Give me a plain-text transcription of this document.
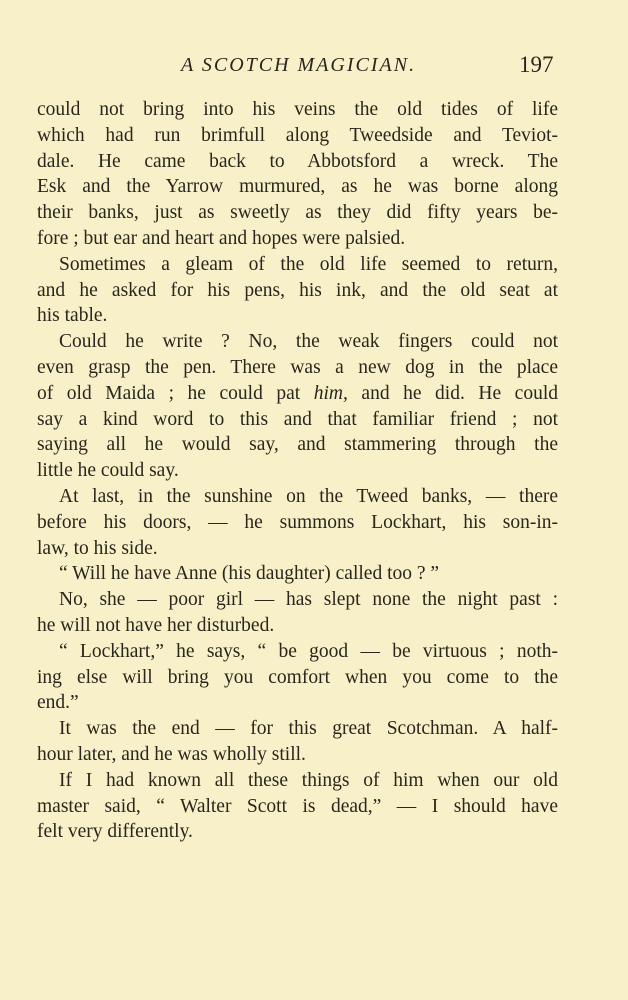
A SCOTCH MAGICIAN.	197
could not bring into his veins the old tides of life
which had run brimfull along Tweedside and Teviot-
dale. He came back to Abbotsford a wreck. The
Esk and the Yarrow murmured, as he was borne along
their banks, just as sweetly as they did fifty years be-
fore ; but ear and heart and hopes were palsied.
Sometimes a gleam of the old life seemed to return,
and he asked for his pens, his ink, and the old seat at
his table.
Could he write ? No, the weak fingers could not
even grasp the pen. There was a new dog in the place
of old Maida ; he could pat him, and he did. He could
say a kind word to this and that familiar friend ; not
saying all he would say, and stammering through the
little he could say.
At last, in the sunshine on the Tweed banks, — there
before his doors, — he summons Lockhart, his son-in-
law, to his side.
“ Will he have Anne (his daughter) called too ? ”
No, she — poor girl — has slept none the night past :
he will not have her disturbed.
“ Lockhart,” he says, “ be good — be virtuous ; noth-
ing else will bring you comfort when you come to the
end.”
It was the end — for this great Scotchman. A half-
hour later, and he was wholly still.
If I had known all these things of him when our old
master said, “ Walter Scott is dead,” — I should have
felt very differently.
